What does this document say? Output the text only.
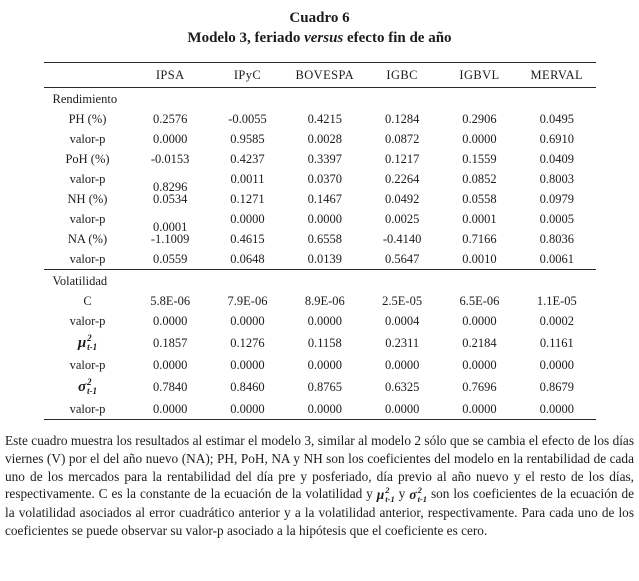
Cuadro 6
Modelo 3, feriado versus efecto fin de año
	IPSA	IPyC	BOVESPA	IGBC	IGBVL	MERVAL
Rendimiento						
PH (%)	0.2576	-0.0055	0.4215	0.1284	0.2906	0.0495
valor-p	0.0000	0.9585	0.0028	0.0872	0.0000	0.6910
PoH (%)	-0.0153	0.4237	0.3397	0.1217	0.1559	0.0409
valor-p	0.8296	0.0011	0.0370	0.2264	0.0852	0.8003
NH (%)	0.0534	0.1271	0.1467	0.0492	0.0558	0.0979
valor-p	0.0001	0.0000	0.0000	0.0025	0.0001	0.0005
NA (%)	-1.1009	0.4615	0.6558	-0.4140	0.7166	0.8036
valor-p	0.0559	0.0648	0.0139	0.5647	0.0010	0.0061
Volatilidad						
C	5.8E-06	7.9E-06	8.9E-06	2.5E-05	6.5E-06	1.1E-05
valor-p	0.0000	0.0000	0.0000	0.0004	0.0000	0.0002

μ 2
t-1	0.1857	0.1276	0.1158	0.2311	0.2184	0.1161
valor-p	0.0000	0.0000	0.0000	0.0000	0.0000	0.0000

σ 2
t-1	0.7840	0.8460	0.8765	0.6325	0.7696	0.8679
valor-p	0.0000	0.0000	0.0000	0.0000	0.0000	0.0000

Este cuadro muestra los resultados al estimar el modelo 3, similar al modelo 2 sólo que se cambia el efecto de los días viernes (V) por el del año nuevo (NA); PH, PoH, NA y NH son los coeficientes del modelo en la rentabilidad de cada uno de los mercados para la rentabilidad del día pre y posferiado, día previo al año nuevo y el resto de los días, respectivamente. C es la constante de la ecuación de la volatilidad y μ 2
t-1 y σ 2
t-1 son los coeficientes de la ecuación de la volatilidad asociados al error cuadrático anterior y a la volatilidad anterior, respectivamente. Para cada uno de los coeficientes se puede observar su valor-p asociado a la hipótesis que el coeficiente es cero.
